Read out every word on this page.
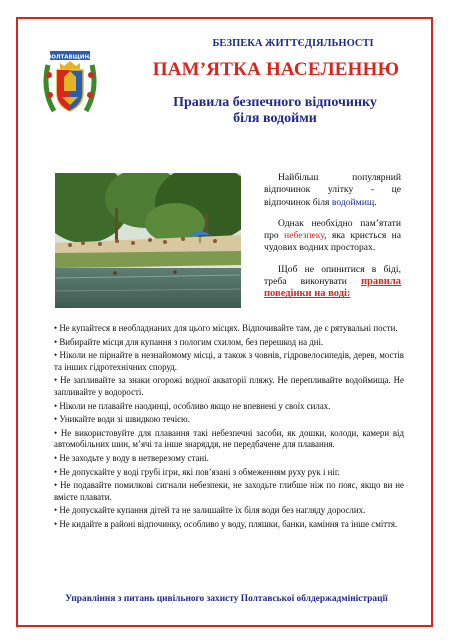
ПОЛТАВЩИНА
БЕЗПЕКА ЖИТТЄДІЯЛЬНОСТІ
ПАМ’ЯТКА НАСЕЛЕННЮ
Правила безпечного відпочинку
біля водойми

Найбільш популярний відпочинок улітку - це відпочинок біля водоймищ.

Однак необхідно пам’ятати про небезпеку, яка криється на чудових водних просторах.

Щоб не опинитися в біді, треба виконувати правила поведінки на воді:

• Не купайтеся в необладнаних для цього місцях. Відпочивайте там, де є рятувальні пости.
• Вибирайте місця для купання з пологим схилом, без перешкод на дні.
• Ніколи не пірнайте в незнайомому місці, а також з човнів, гідровелосипедів, дерев, мостів та інших гідротехнічних споруд.
• Не запливайте за знаки огорожі водної акваторії пляжу. Не перепливайте водоймища. Не запливайте у водорості.
• Ніколи не плавайте наодинці, особливо якщо не впевнені у своїх силах.
• Уникайте води зі швидкою течією.
• Не використовуйте для плавання такі небезпечні засоби, як дошки, колоди, камери від автомобільних шин, м’ячі та інше знаряддя, не передбачене для плавання.
• Не заходьте у воду в нетверезому стані.
• Не допускайте у воді грубі ігри, які пов’язані з обмеженням руху рук і ніг.
• Не подавайте помилкові сигнали небезпеки, не заходьте глибше ніж по пояс, якщо ви не вмієте плавати.
• Не допускайте купання дітей та не залишайте їх біля води без нагляду дорослих.
• Не кидайте в районі відпочинку, особливо у воду, пляшки, банки, каміння та інше сміття.
Управління з питань цивільного захисту Полтавської облдержадміністрації
